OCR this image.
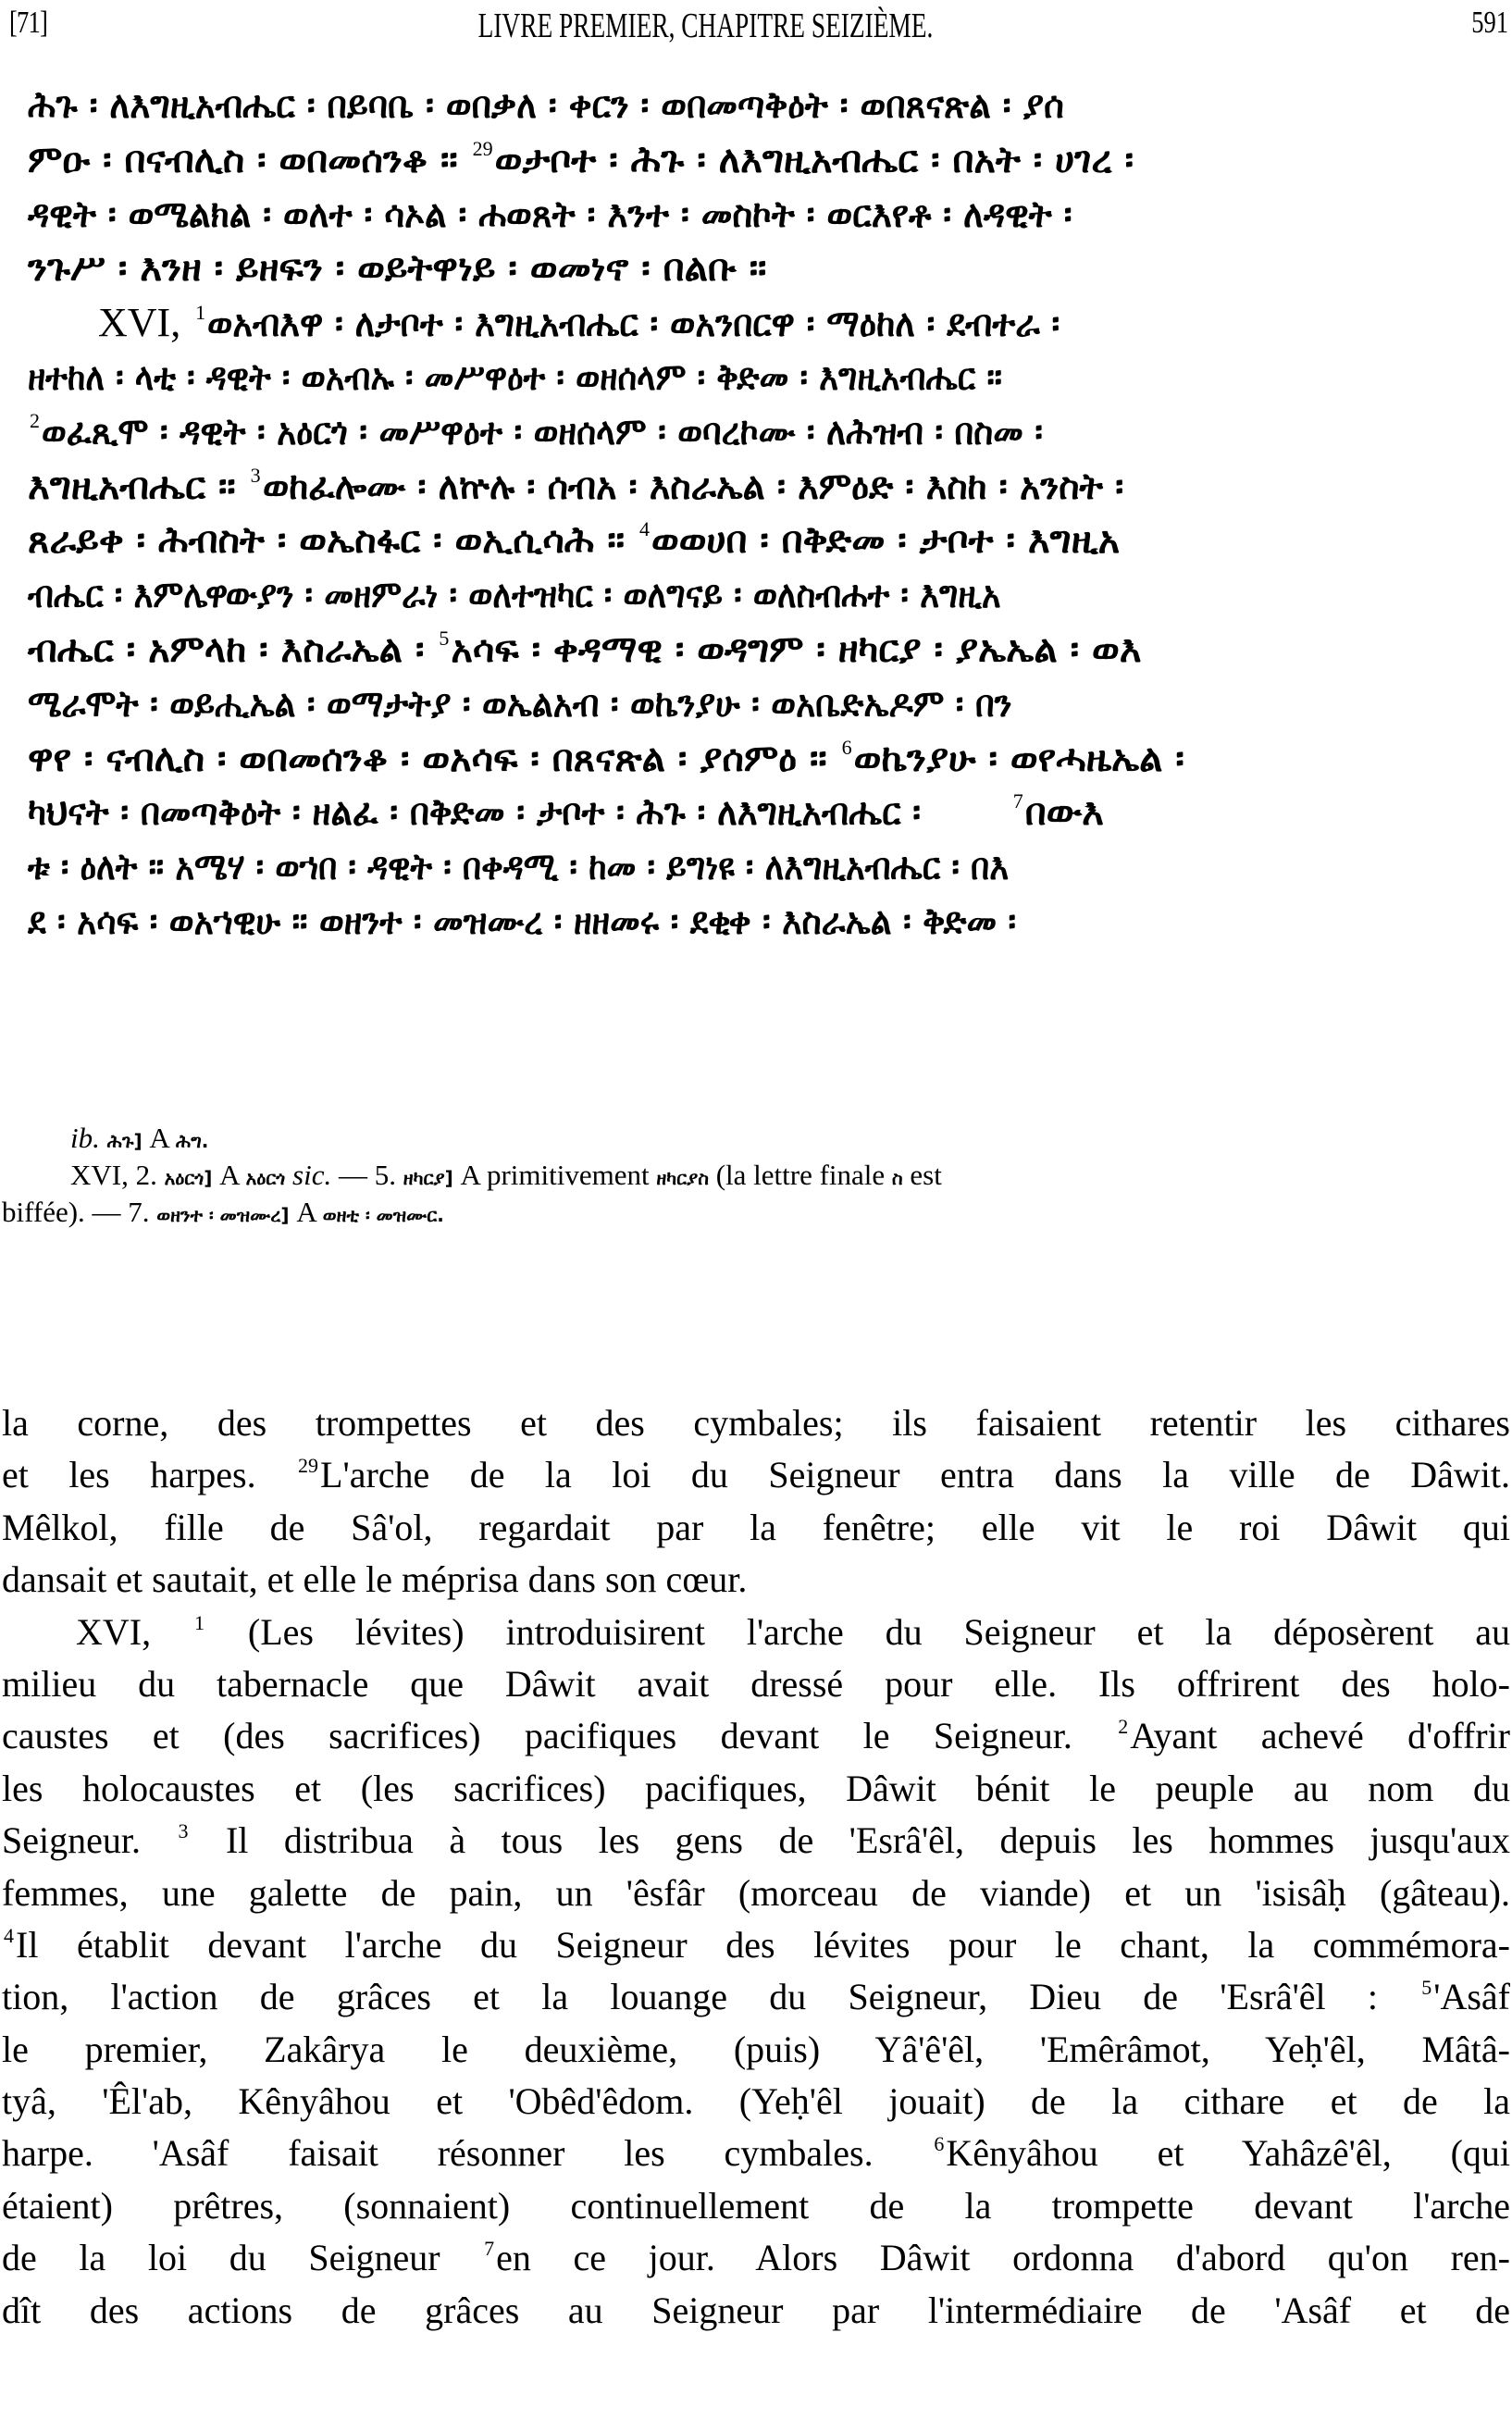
[71]	LIVRE PREMIER, CHAPITRE SEIZIÈME.	591
ሕጉ ፡ ለእግዚአብሔር ፡ በይባቤ ፡ ወበቃለ ፡ ቀርን ፡ ወበመጣቅዕት ፡ ወበጸናጽል ፡ ያሰ
ምዑ ፡ በናብሊስ ፡ ወበመሰንቆ ። $^{29}$ወታቦተ ፡ ሕጉ ፡ ለእግዚአብሔር ፡ በአት ፡ ሀገረ ፡
ዳዊት ፡ ወሜልክል ፡ ወለተ ፡ ሳኦል ፡ ሐወጸት ፡ እንተ ፡ መስኮት ፡ ወርእየቶ ፡ ለዳዊት ፡
ንጉሥ ፡ እንዘ ፡ ይዘፍን ፡ ወይትዋነይ ፡ ወመነኖ ፡ በልቡ ።
XVI, $^1$ወአብእዋ ፡ ለታቦተ ፡ እግዚአብሔር ፡ ወአንበርዋ ፡ ማዕከለ ፡ ደብተራ ፡
ዘተከለ ፡ ላቲ ፡ ዳዊት ፡ ወአብኡ ፡ መሥዋዕተ ፡ ወዘሰላም ፡ ቅድመ ፡ እግዚአብሔር ።
$^2$ወፈጺሞ ፡ ዳዊት ፡ አዕርጎ ፡ መሥዋዕተ ፡ ወዘሰላም ፡ ወባረኮሙ ፡ ለሕዝብ ፡ በስመ ፡
እግዚአብሔር ። $^3$ወከፈሎሙ ፡ ለኵሉ ፡ ሰብአ ፡ እስራኤል ፡ እምዕድ ፡ እስከ ፡ አንስት ፡
ጸራይቀ ፡ ሕብስት ፡ ወኤስፋር ፡ ወኢሲሳሕ ። $^4$ወወሀበ ፡ በቅድመ ፡ ታቦተ ፡ እግዚአ
ብሔር ፡ እምሌዋውያን ፡ መዘምራነ ፡ ወለተዝካር ፡ ወለግናይ ፡ ወለስብሐተ ፡ እግዚአ
ብሔር ፡ አምላከ ፡ እስራኤል ፡ $^5$አሳፍ ፡ ቀዳማዊ ፡ ወዳግም ፡ ዘካርያ ፡ ያኤኤል ፡ ወእ
ሜራሞት ፡ ወይሒኤል ፡ ወማታትያ ፡ ወኤልአብ ፡ ወኬንያሁ ፡ ወአቤድኤዶም ፡ በን
ዋየ ፡ ናብሊስ ፡ ወበመሰንቆ ፡ ወአሳፍ ፡ በጸናጽል ፡ ያሰምዕ ። $^6$ወኬንያሁ ፡ ወየሓዜኤል ፡
ካህናት ፡ በመጣቅዕት ፡ ዘልፈ ፡ በቅድመ ፡ ታቦተ ፡ ሕጉ ፡ ለእግዚአብሔር ፡	$^7$በውእ
ቱ ፡ ዕለት ። አሜሃ ፡ ወኀበ ፡ ዳዊት ፡ በቀዳሚ ፡ ከመ ፡ ይግነዩ ፡ ለእግዚአብሔር ፡ በእ
ደ ፡ አሳፍ ፡ ወአኀዊሁ ። ወዘንተ ፡ መዝሙረ ፡ ዘዘመሩ ፡ ደቂቀ ፡ እስራኤል ፡ ቅድመ ፡
ib. ሕጉ] A ሕግ.
XVI, 2. አዕርጎ] A አዕርጎ sic. — 5. ዘካርያ] A primitivement ዘካርያስ (la lettre finale ስ est
biffée). — 7. ወዘንተ ፡ መዝሙረ] A ወዘቲ ፡ መዝሙር.
la corne, des trompettes et des cymbales; ils faisaient retentir les cithares
et les harpes. $^{29}$L'arche de la loi du Seigneur entra dans la ville de Dâwit.
Mêlkol, fille de Sâ'ol, regardait par la fenêtre; elle vit le roi Dâwit qui
dansait et sautait, et elle le méprisa dans son cœur.
XVI, $^1$ (Les lévites) introduisirent l'arche du Seigneur et la déposèrent au
milieu du tabernacle que Dâwit avait dressé pour elle. Ils offrirent des holo-
caustes et (des sacrifices) pacifiques devant le Seigneur. $^2$Ayant achevé d'offrir
les holocaustes et (les sacrifices) pacifiques, Dâwit bénit le peuple au nom du
Seigneur. $^3$ Il distribua à tous les gens de 'Esrâ'êl, depuis les hommes jusqu'aux
femmes, une galette de pain, un 'êsfâr (morceau de viande) et un 'isisâḥ (gâteau).
$^4$Il établit devant l'arche du Seigneur des lévites pour le chant, la commémora-
tion, l'action de grâces et la louange du Seigneur, Dieu de 'Esrâ'êl : $^5$'Asâf
le premier, Zakârya le deuxième, (puis) Yâ'ê'êl, 'Emêrâmot, Yeḥ'êl, Mâtâ-
tyâ, 'Êl'ab, Kênyâhou et 'Obêd'êdom. (Yeḥ'êl jouait) de la cithare et de la
harpe. 'Asâf faisait résonner les cymbales. $^6$Kênyâhou et Yahâzê'êl, (qui
étaient) prêtres, (sonnaient) continuellement de la trompette devant l'arche
de la loi du Seigneur $^7$en ce jour. Alors Dâwit ordonna d'abord qu'on ren-
dît des actions de grâces au Seigneur par l'intermédiaire de 'Asâf et de
